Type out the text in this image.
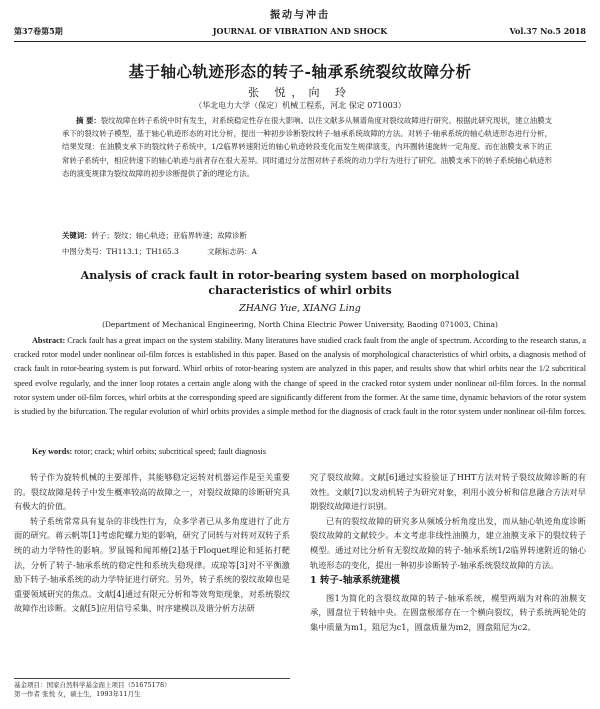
振动与冲击
JOURNAL OF VIBRATION AND SHOCK
第37卷第5期	Vol.37 No.5 2018
基于轴心轨迹形态的转子-轴承系统裂纹故障分析
张 悦，向 玲
（华北电力大学（保定）机械工程系，河北 保定 071003）
摘 要：裂纹故障在转子系统中时有发生，对系统稳定性存在很大影响。以往文献多从频谱角度对裂纹故障进行研究。根据此研究现状，建立油膜支承下的裂纹转子模型，基于轴心轨迹形态的对比分析，提出一种初步诊断裂纹转子-轴承系统故障的方法。对转子-轴承系统的轴心轨迹形态进行分析，结果发现：在油膜支承下的裂纹转子系统中，1/2临界转速附近的轴心轨迹转段变化而发生规律演变，内环圈转速旋转一定角度。而在油膜支承下的正常转子系统中，相应转速下的轴心轨迹与前者存在很大差异。同时通过分岔图对转子系统的动力学行为进行了研究。油膜支承下的转子系统轴心轨迹形态的演变规律为裂纹故障的初步诊断提供了新的理论方法。
关键词：转子；裂纹；轴心轨迹；亚临界转速；故障诊断
中图分类号：TH113.1；TH165.3	文献标志码：A
Analysis of crack fault in rotor-bearing system based on morphological characteristics of whirl orbits
ZHANG Yue, XIANG Ling
(Department of Mechanical Engineering, North China Electric Power University, Baoding 071003, China)
Abstract: Crack fault has a great impact on the system stability. Many literatures have studied crack fault from the angle of spectrum. According to the research status, a cracked rotor model under nonlinear oil-film forces is established in this paper. Based on the analysis of morphological characteristics of whirl orbits, a diagnosis method of crack fault in rotor-bearing system is put forward. Whirl orbits of rotor-bearing system are analyzed in this paper, and results show that whirl orbits near the 1/2 subcritical speed evolve regularly, and the inner loop rotates a certain angle along with the change of speed in the cracked rotor system under nonlinear oil-film forces. In the normal rotor system under oil-film forces, whirl orbits at the corresponding speed are significantly different from the former. At the same time, dynamic behaviors of the rotor system is studied by the bifurcation. The regular evolution of whirl orbits provides a simple method for the diagnosis of crack fault in the rotor system under nonlinear oil-film forces.
Key words: rotor; crack; whirl orbits; subcritical speed; fault diagnosis

转子作为旋转机械的主要部件，其能够稳定运转对机器运作是至关重要的。裂纹故障是转子中发生概率较高的故障之一，对裂纹故障的诊断研究具有极大的价值。

转子系统常常具有复杂的非线性行为，众多学者已从多角度进行了此方面的研究。蒋云帆等[1]考虑陀螺力矩的影响，研究了同转与对转对双转子系统的动力学特性的影响。罗鼠锡和闻邦椿[2]基于Floquet理论和延拓打靶法，分析了转子-轴承系统的稳定性和系统失稳现律。成琼等[3]对不平衡激励下转子-轴承系统的动力学特征进行研究。另外，转子系统的裂纹故障也是重要领域研究的焦点。文献[4]通过有限元分析和等效弯矩现象，对系统裂纹故障作出诊断。文献[5]应用信号采集、时序建模以及谐分析方法研

究了裂纹故障。文献[6]通过实验验证了HHT方法对转子裂纹故障诊断的有效性。文献[7]以发动机转子为研究对象，利用小波分析和信息融合方法对早期裂纹故障进行识别。

已有的裂纹故障的研究多从频域分析角度出发，而从轴心轨迹角度诊断裂纹故障的文献较少。本文考虑非线性油膜力，建立油膜支承下的裂纹转子模型。通过对比分析有无裂纹故障的转子-轴承系统1/2临界转速附近的轴心轨迹形态的变化，提出一种初步诊断转子-轴承系统裂纹故障的方法。

1 转子-轴承系统建模

图1为简化的含裂纹故障的转子-轴承系统，模型两端为对称的油膜支承，圆盘位于转轴中央。在圆盘根部存在一个横向裂纹，转子系统两轮处的集中质量为m1，阻尼为c1，圆盘质量为m2，圆盘阻尼为c2。

基金项目：国家自然科学基金面上项目（51675178）
第一作者 张悦 女，硕士生，1993年11月生
